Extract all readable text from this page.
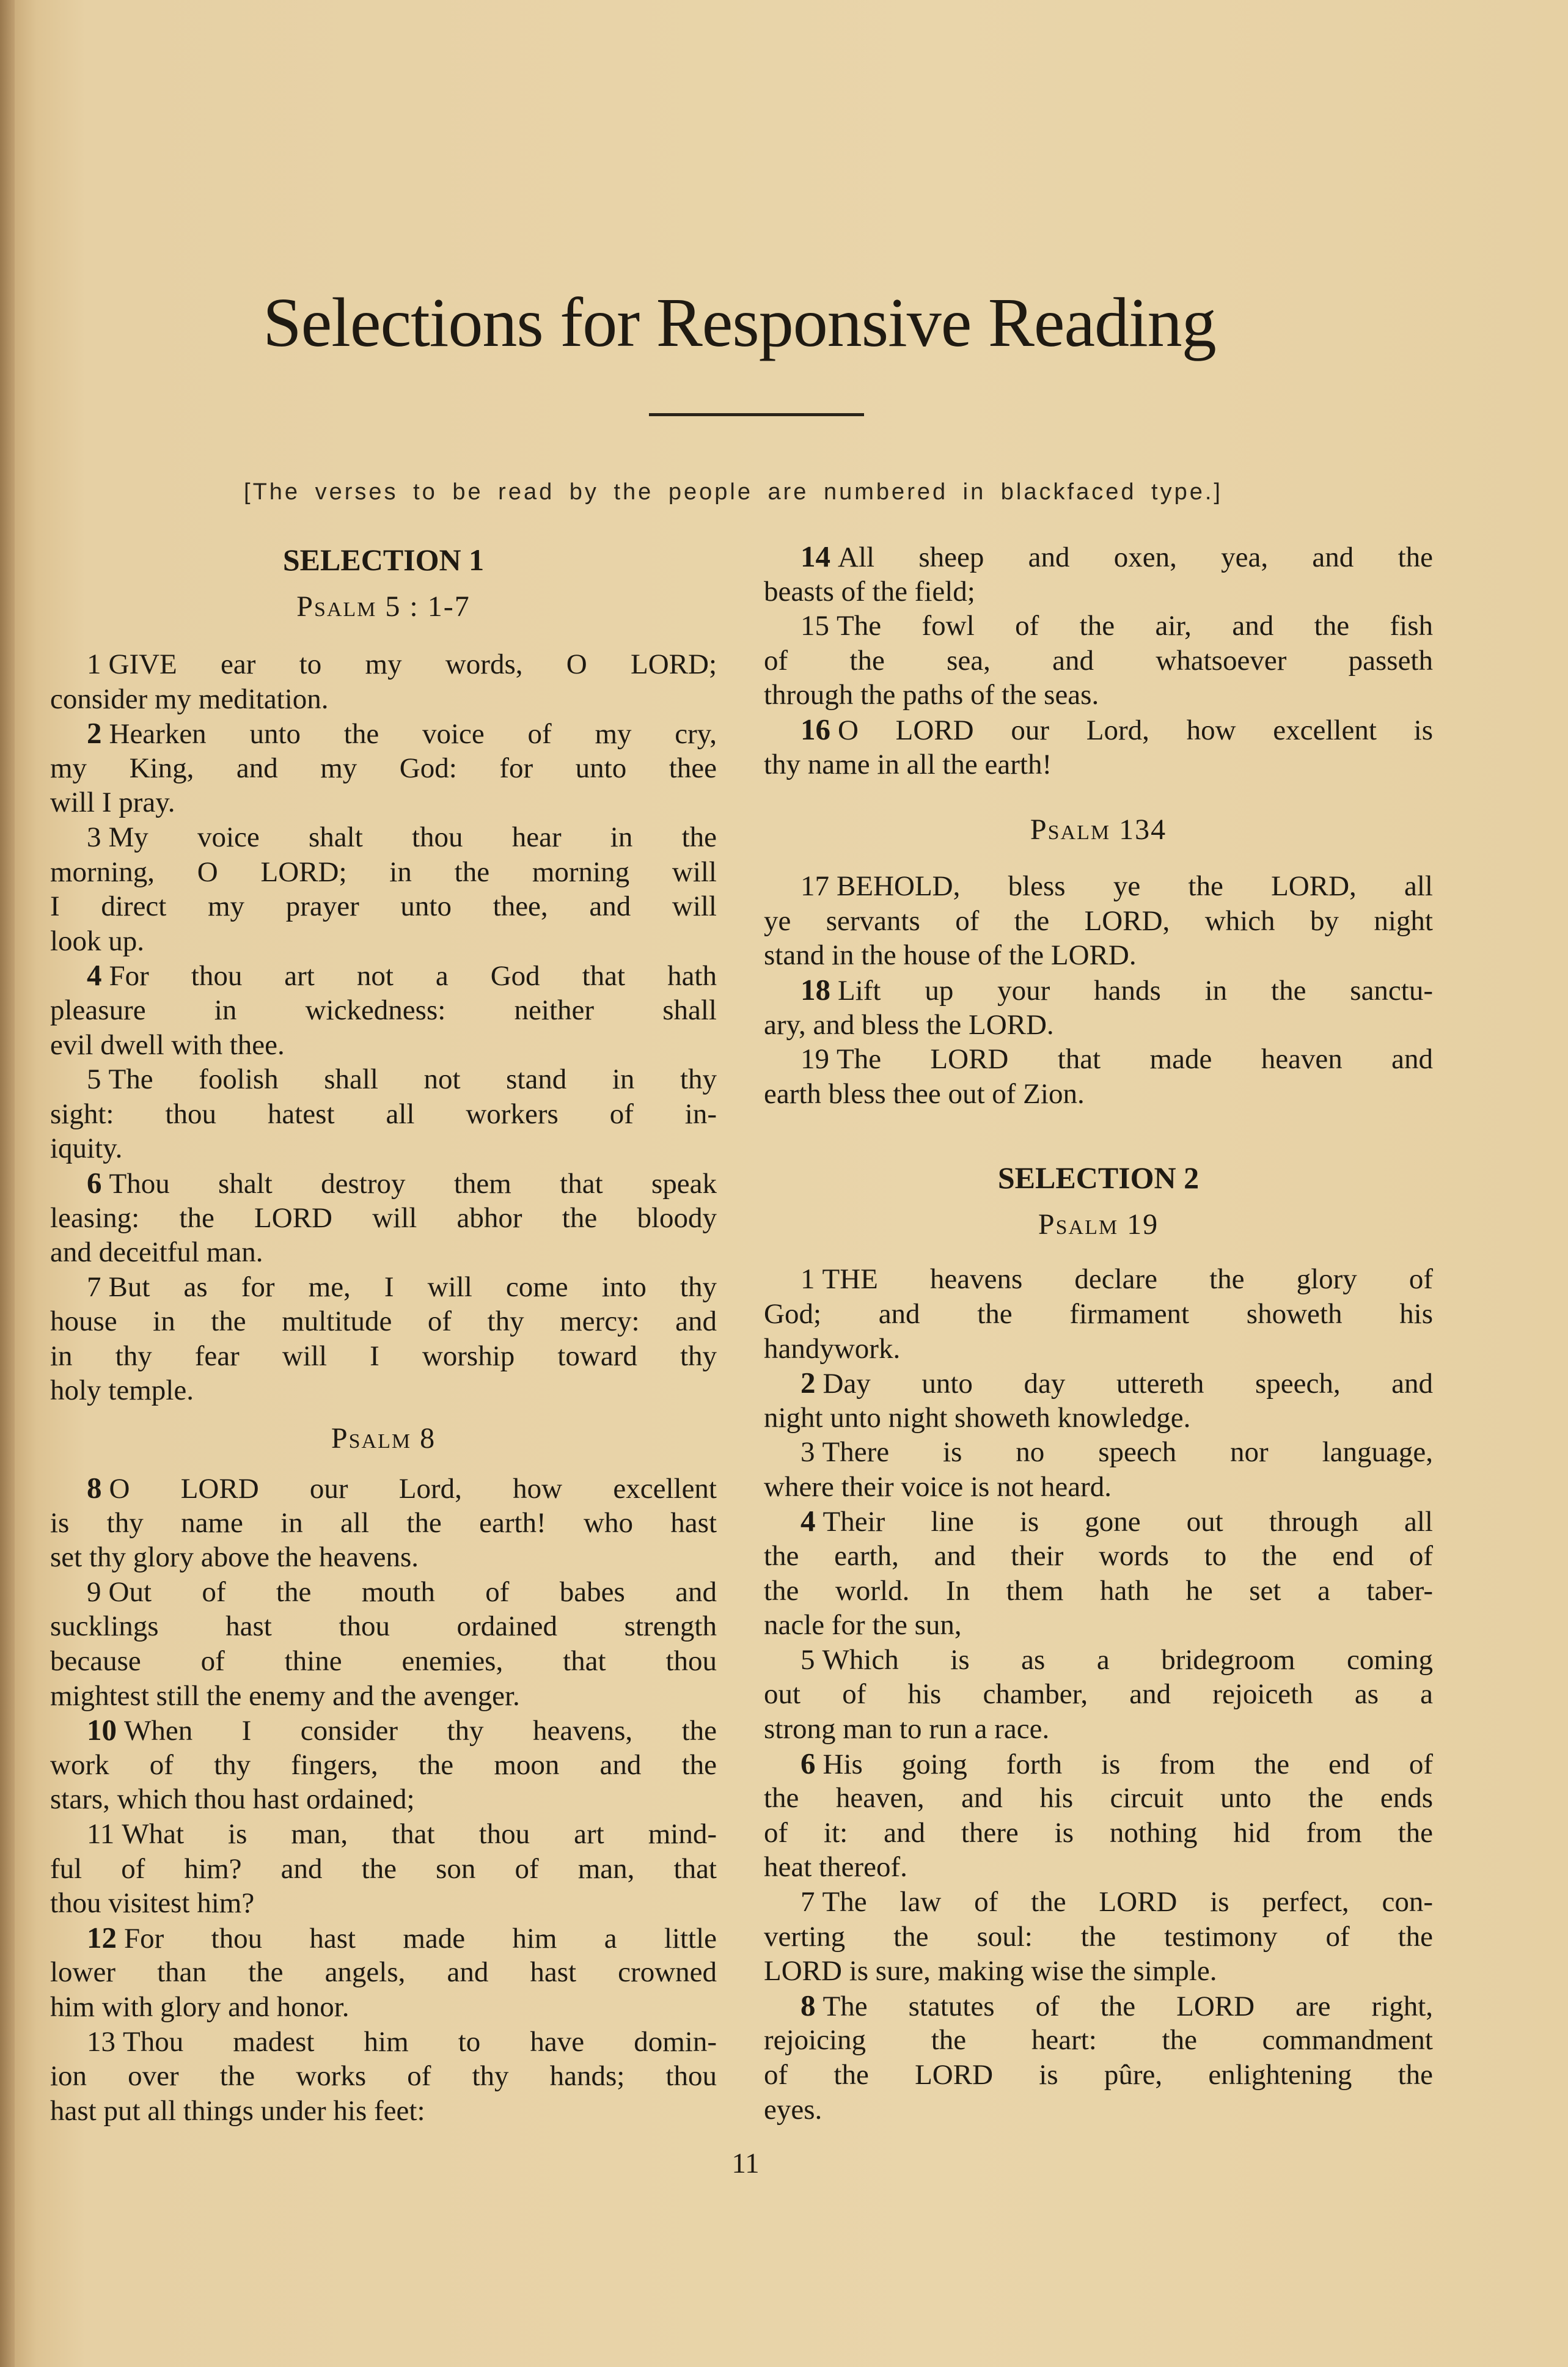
Selections for Responsive Reading
[The verses to be read by the people are numbered in blackfaced type.]
SELECTION 1
Psalm 5 : 1-7
1 GIVE ear to my words, O LORD;
consider my meditation.
2 Hearken unto the voice of my cry,
my King, and my God: for unto thee
will I pray.
3 My voice shalt thou hear in the
morning, O LORD; in the morning will
I direct my prayer unto thee, and will
look up.
4 For thou art not a God that hath
pleasure in wickedness: neither shall
evil dwell with thee.
5 The foolish shall not stand in thy
sight: thou hatest all workers of in-
iquity.
6 Thou shalt destroy them that speak
leasing: the LORD will abhor the bloody
and deceitful man.
7 But as for me, I will come into thy
house in the multitude of thy mercy: and
in thy fear will I worship toward thy
holy temple.
Psalm 8
8 O LORD our Lord, how excellent
is thy name in all the earth! who hast
set thy glory above the heavens.
9 Out of the mouth of babes and
sucklings hast thou ordained strength
because of thine enemies, that thou
mightest still the enemy and the avenger.
10 When I consider thy heavens, the
work of thy fingers, the moon and the
stars, which thou hast ordained;
11 What is man, that thou art mind-
ful of him? and the son of man, that
thou visitest him?
12 For thou hast made him a little
lower than the angels, and hast crowned
him with glory and honor.
13 Thou madest him to have domin-
ion over the works of thy hands; thou
hast put all things under his feet:
14 All sheep and oxen, yea, and the
beasts of the field;
15 The fowl of the air, and the fish
of the sea, and whatsoever passeth
through the paths of the seas.
16 O LORD our Lord, how excellent is
thy name in all the earth!
Psalm 134
17 BEHOLD, bless ye the LORD, all
ye servants of the LORD, which by night
stand in the house of the LORD.
18 Lift up your hands in the sanctu-
ary, and bless the LORD.
19 The LORD that made heaven and
earth bless thee out of Zion.
SELECTION 2
Psalm 19
1 THE heavens declare the glory of
God; and the firmament showeth his
handywork.
2 Day unto day uttereth speech, and
night unto night showeth knowledge.
3 There is no speech nor language,
where their voice is not heard.
4 Their line is gone out through all
the earth, and their words to the end of
the world. In them hath he set a taber-
nacle for the sun,
5 Which is as a bridegroom coming
out of his chamber, and rejoiceth as a
strong man to run a race.
6 His going forth is from the end of
the heaven, and his circuit unto the ends
of it: and there is nothing hid from the
heat thereof.
7 The law of the LORD is perfect, con-
verting the soul: the testimony of the
LORD is sure, making wise the simple.
8 The statutes of the LORD are right,
rejoicing the heart: the commandment
of the LORD is pûre, enlightening the
eyes.
11
